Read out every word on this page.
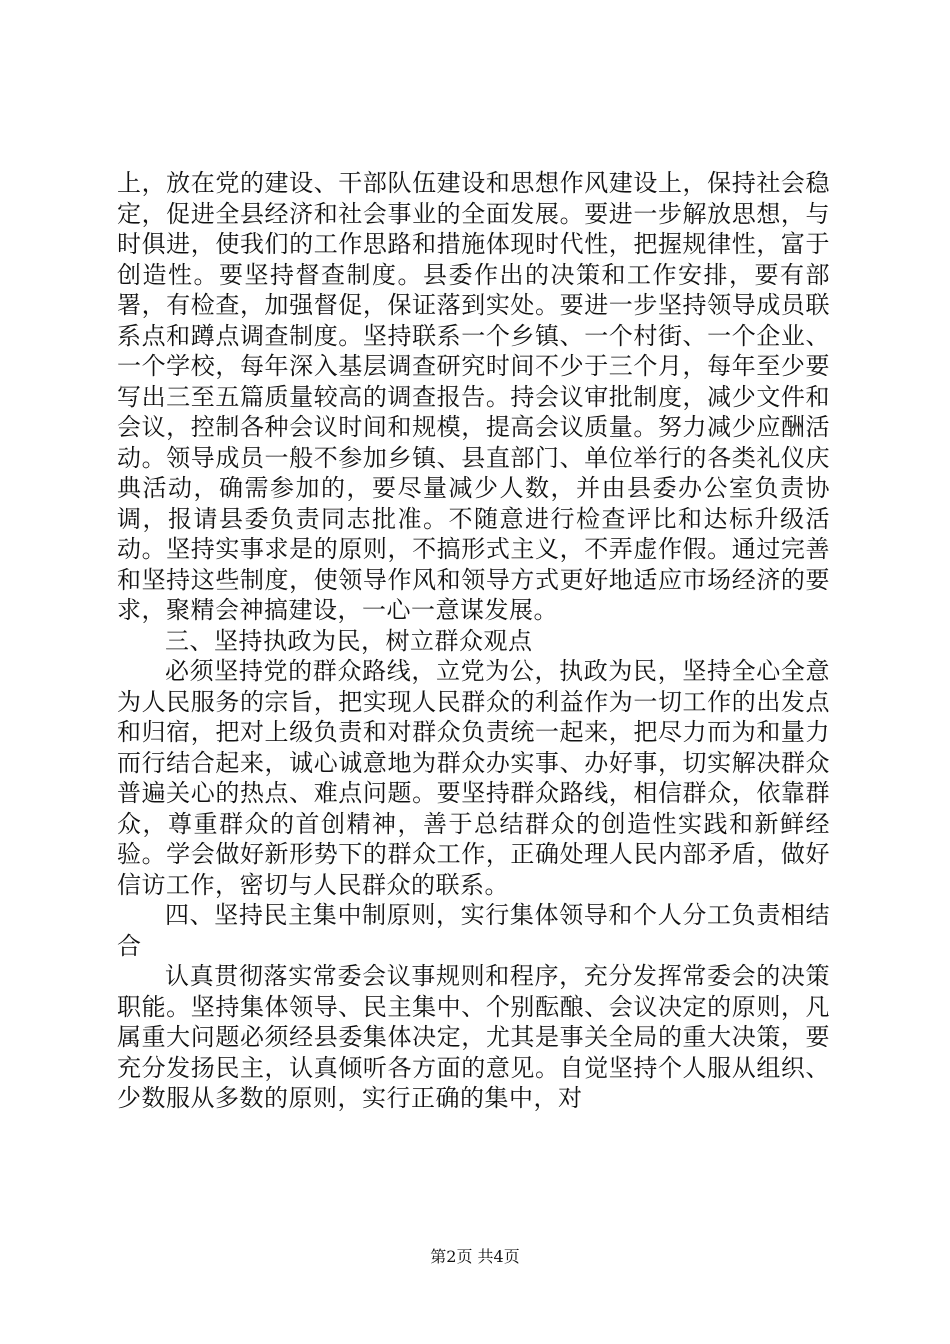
上，放在党的建设、干部队伍建设和思想作风建设上，保持社会稳定，促进全县经济和社会事业的全面发展。要进一步解放思想，与时俱进，使我们的工作思路和措施体现时代性，把握规律性，富于创造性。要坚持督查制度。县委作出的决策和工作安排，要有部署，有检查，加强督促，保证落到实处。要进一步坚持领导成员联系点和蹲点调查制度。坚持联系一个乡镇、一个村街、一个企业、一个学校，每年深入基层调查研究时间不少于三个月，每年至少要写出三至五篇质量较高的调查报告。持会议审批制度，减少文件和会议，控制各种会议时间和规模，提高会议质量。努力减少应酬活动。领导成员一般不参加乡镇、县直部门、单位举行的各类礼仪庆典活动，确需参加的，要尽量减少人数，并由县委办公室负责协调，报请县委负责同志批准。不随意进行检查评比和达标升级活动。坚持实事求是的原则，不搞形式主义，不弄虚作假。通过完善和坚持这些制度，使领导作风和领导方式更好地适应市场经济的要求，聚精会神搞建设，一心一意谋发展。

三、坚持执政为民，树立群众观点

必须坚持党的群众路线，立党为公，执政为民，坚持全心全意为人民服务的宗旨，把实现人民群众的利益作为一切工作的出发点和归宿，把对上级负责和对群众负责统一起来，把尽力而为和量力而行结合起来，诚心诚意地为群众办实事、办好事，切实解决群众普遍关心的热点、难点问题。要坚持群众路线，相信群众，依靠群众，尊重群众的首创精神，善于总结群众的创造性实践和新鲜经验。学会做好新形势下的群众工作，正确处理人民内部矛盾，做好信访工作，密切与人民群众的联系。

四、坚持民主集中制原则，实行集体领导和个人分工负责相结合

认真贯彻落实常委会议事规则和程序，充分发挥常委会的决策职能。坚持集体领导、民主集中、个别酝酿、会议决定的原则，凡属重大问题必须经县委集体决定，尤其是事关全局的重大决策，要充分发扬民主，认真倾听各方面的意见。自觉坚持个人服从组织、少数服从多数的原则，实行正确的集中，对

第2页 共4页
